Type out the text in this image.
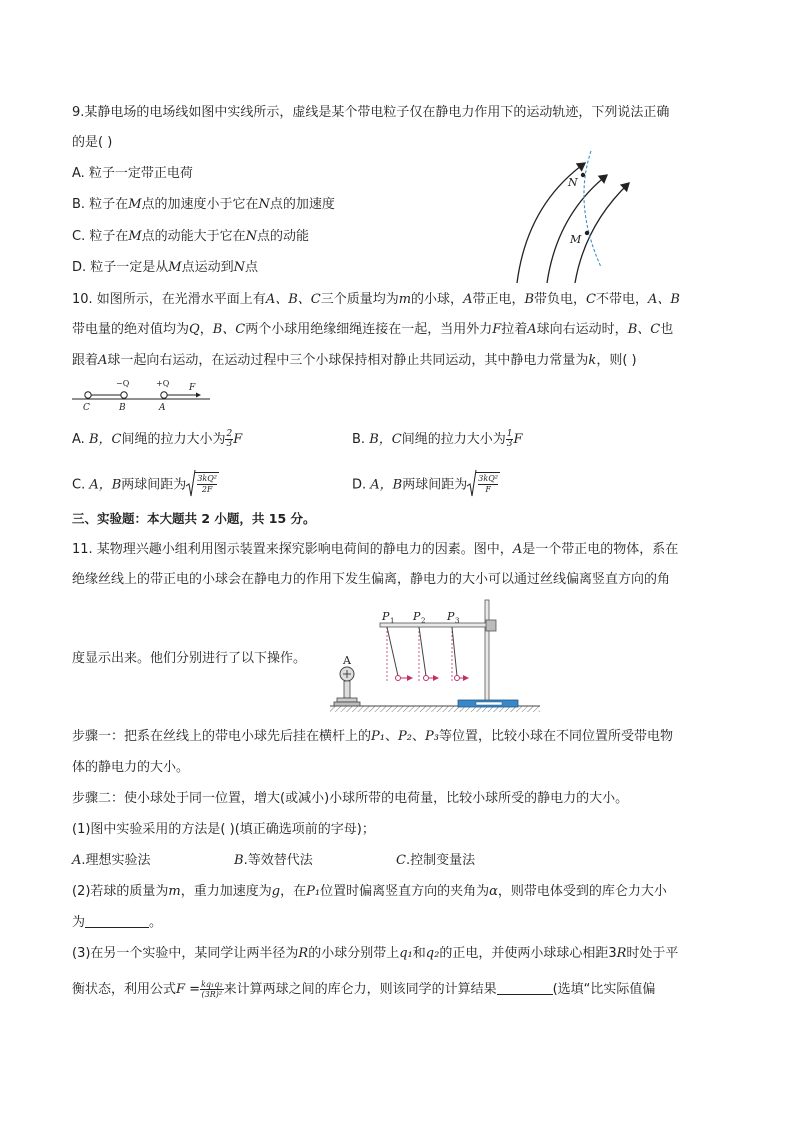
9.某静电场的电场线如图中实线所示，虚线是某个带电粒子仅在静电力作用下的运动轨迹，下列说法正确
的是( )
A. 粒子一定带正电荷
B. 粒子在M点的加速度小于它在N点的加速度
C. 粒子在M点的动能大于它在N点的动能
D. 粒子一定是从M点运动到N点
N
M
10. 如图所示，在光滑水平面上有A、B、C三个质量均为m的小球，A带正电，B带负电，C不带电，A、B
带电量的绝对值均为Q，B、C两个小球用绝缘细绳连接在一起，当用外力F拉着A球向右运动时，B、C也
跟着A球一起向右运动，在运动过程中三个小球保持相对静止共同运动，其中静电力常量为k，则( )
−Q	+Q F
C	B	A
A. B，C间绳的拉力大小为 $\frac{2}{3}$ F	B. B，C间绳的拉力大小为 $\frac{1}{3}$ F
C. A，B两球间距为 $\frac{\text{3kQ²}}{2F}$	D. A，B两球间距为 $\frac{\text{3kQ²}}{F}$
三、实验题：本大题共 2 小题，共 15 分。
11. 某物理兴趣小组利用图示装置来探究影响电荷间的静电力的因素。图中，A是一个带正电的物体，系在
绝缘丝线上的带正电的小球会在静电力的作用下发生偏离，静电力的大小可以通过丝线偏离竖直方向的角
度显示出来。他们分别进行了以下操作。
P 1 P 2 P 3
A
步骤一：把系在丝线上的带电小球先后挂在横杆上的P₁、P₂、P₃等位置，比较小球在不同位置所受带电物
体的静电力的大小。
步骤二：使小球处于同一位置，增大(或减小)小球所带的电荷量，比较小球所受的静电力的大小。
(1)图中实验采用的方法是( )(填正确选项前的字母)；
A.理想实验法	B.等效替代法	C.控制变量法
(2)若球的质量为m，重力加速度为g，在P₁位置时偏离竖直方向的夹角为α，则带电体受到的库仑力大小
为	。
(3)在另一个实验中，某同学让两半径为R的小球分别带上q₁和q₂的正电，并使两小球球心相距3R时处于平
衡状态，利用公式$F = \frac{\text{kq₁q₂}}{\text{(3R)²}}$ 来计算两球之间的库仑力，则该同学的计算结果	(选填“比实际值偏
